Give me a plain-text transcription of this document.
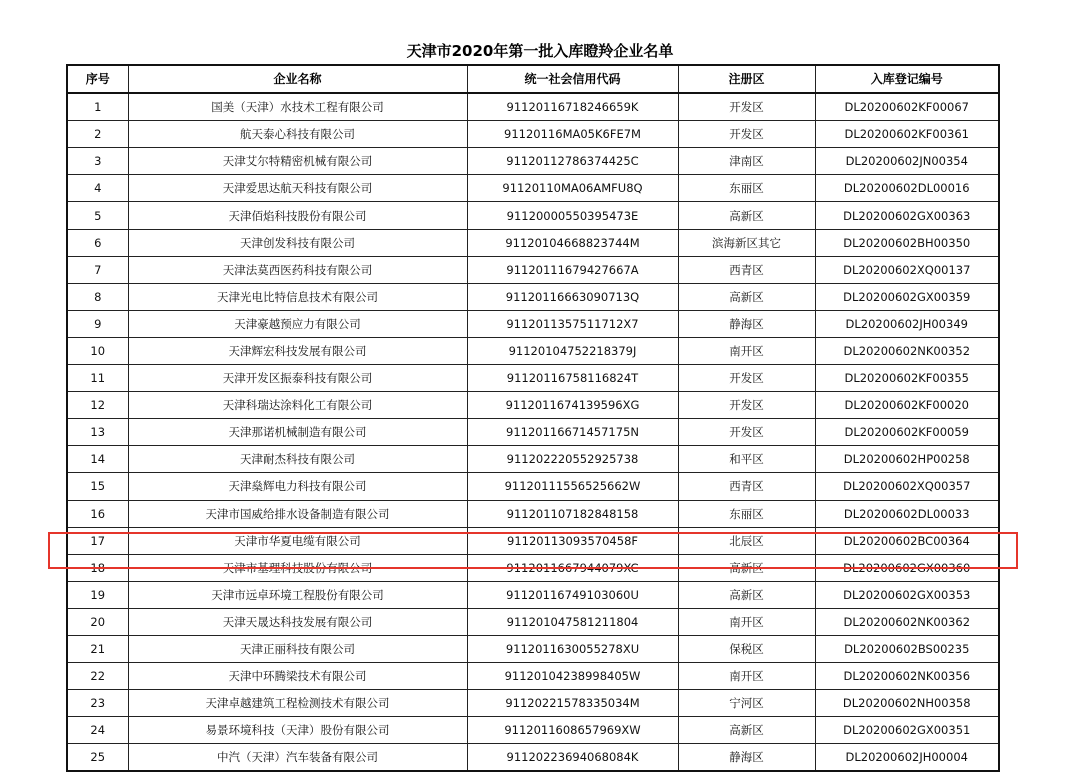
天津市2020年第一批入库瞪羚企业名单
序号	企业名称	统一社会信用代码	注册区	入库登记编号
1	国美（天津）水技术工程有限公司	91120116718246659K	开发区	DL20200602KF00067
2	航天泰心科技有限公司	91120116MA05K6FE7M	开发区	DL20200602KF00361
3	天津艾尔特精密机械有限公司	91120112786374425C	津南区	DL20200602JN00354
4	天津爱思达航天科技有限公司	91120110MA06AMFU8Q	东丽区	DL20200602DL00016
5	天津佰焰科技股份有限公司	91120000550395473E	高新区	DL20200602GX00363
6	天津创发科技有限公司	91120104668823744M	滨海新区其它	DL20200602BH00350
7	天津法莫西医药科技有限公司	91120111679427667A	西青区	DL20200602XQ00137
8	天津光电比特信息技术有限公司	91120116663090713Q	高新区	DL20200602GX00359
9	天津豪越预应力有限公司	9112011357511712X7	静海区	DL20200602JH00349
10	天津辉宏科技发展有限公司	91120104752218379J	南开区	DL20200602NK00352
11	天津开发区振泰科技有限公司	91120116758116824T	开发区	DL20200602KF00355
12	天津科瑞达涂料化工有限公司	9112011674139596XG	开发区	DL20200602KF00020
13	天津那诺机械制造有限公司	91120116671457175N	开发区	DL20200602KF00059
14	天津耐杰科技有限公司	911202220552925738	和平区	DL20200602HP00258
15	天津燊辉电力科技有限公司	91120111556525662W	西青区	DL20200602XQ00357
16	天津市国威给排水设备制造有限公司	911201107182848158	东丽区	DL20200602DL00033
17	天津市华夏电缆有限公司	91120113093570458F	北辰区	DL20200602BC00364
18	天津市基理科技股份有限公司	9112011667944079XC	高新区	DL20200602GX00360
19	天津市远卓环境工程股份有限公司	91120116749103060U	高新区	DL20200602GX00353
20	天津天晟达科技发展有限公司	911201047581211804	南开区	DL20200602NK00362
21	天津正丽科技有限公司	9112011630055278XU	保税区	DL20200602BS00235
22	天津中环腾梁技术有限公司	91120104238998405W	南开区	DL20200602NK00356
23	天津卓越建筑工程检测技术有限公司	91120221578335034M	宁河区	DL20200602NH00358
24	易景环境科技（天津）股份有限公司	9112011608657969XW	高新区	DL20200602GX00351
25	中汽（天津）汽车装备有限公司	91120223694068084K	静海区	DL20200602JH00004
